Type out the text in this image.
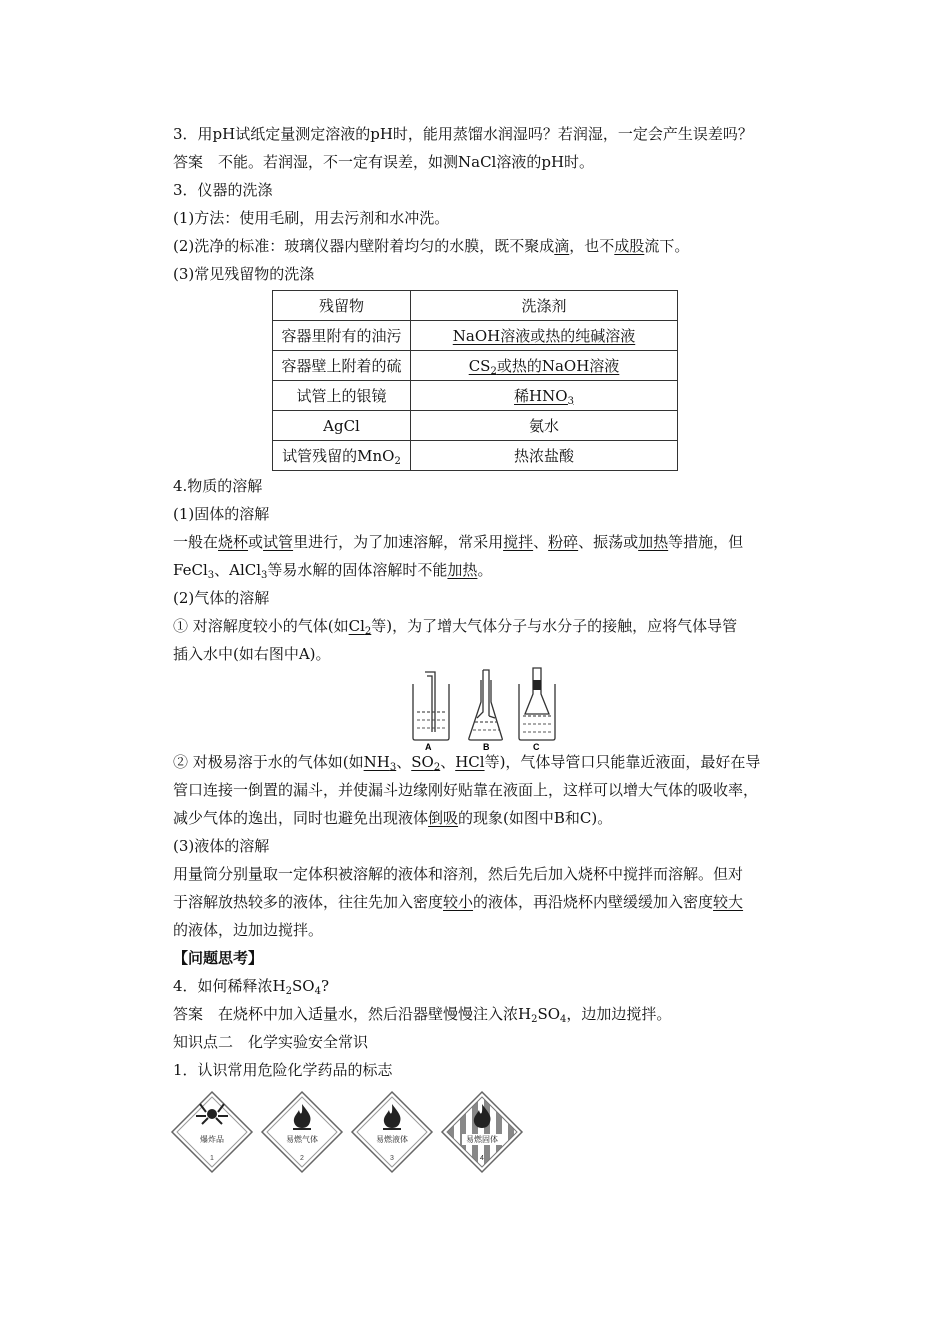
3．用pH试纸定量测定溶液的pH时，能用蒸馏水润湿吗？若润湿，一定会产生误差吗？
答案　不能。若润湿，不一定有误差，如测NaCl溶液的pH时。
3．仪器的洗涤
(1)方法：使用毛刷，用去污剂和水冲洗。
(2)洗净的标准：玻璃仪器内壁附着均匀的水膜，既不聚成滴，也不成股流下。
(3)常见残留物的洗涤
残留物	洗涤剂
容器里附有的油污	NaOH溶液或热的纯碱溶液
容器壁上附着的硫	$CS_2$或热的NaOH溶液
试管上的银镜	稀$HNO_3$
AgCl	氨水
试管残留的MnO$_2$	热浓盐酸
4.物质的溶解
(1)固体的溶解
一般在烧杯或试管里进行，为了加速溶解，常采用搅拌、粉碎、振荡或加热等措施，但
FeCl$_3$、AlCl$_3$等易水解的固体溶解时不能加热。
(2)气体的溶解
① 对溶解度较小的气体(如$Cl_2$等)，为了增大气体分子与水分子的接触，应将气体导管
插入水中(如右图中A)。
A	B	C
② 对极易溶于水的气体如(如$NH_3$、$SO_2$、HCl等)，气体导管口只能靠近液面，最好在导
管口连接一倒置的漏斗，并使漏斗边缘刚好贴靠在液面上，这样可以增大气体的吸收率，
减少气体的逸出，同时也避免出现液体倒吸的现象(如图中B和C)。
(3)液体的溶解
用量筒分别量取一定体积被溶解的液体和溶剂，然后先后加入烧杯中搅拌而溶解。但对
于溶解放热较多的液体，往往先加入密度较小的液体，再沿烧杯内壁缓缓加入密度较大
的液体，边加边搅拌。
【问题思考】
4．如何稀释浓$H_2SO_4$?
答案　在烧杯中加入适量水，然后沿器壁慢慢注入浓$H_2SO_4$，边加边搅拌。
知识点二　化学实验安全常识
1．认识常用危险化学药品的标志
爆炸品
1
易燃气体
2
易燃液体
3
易燃固体
4
